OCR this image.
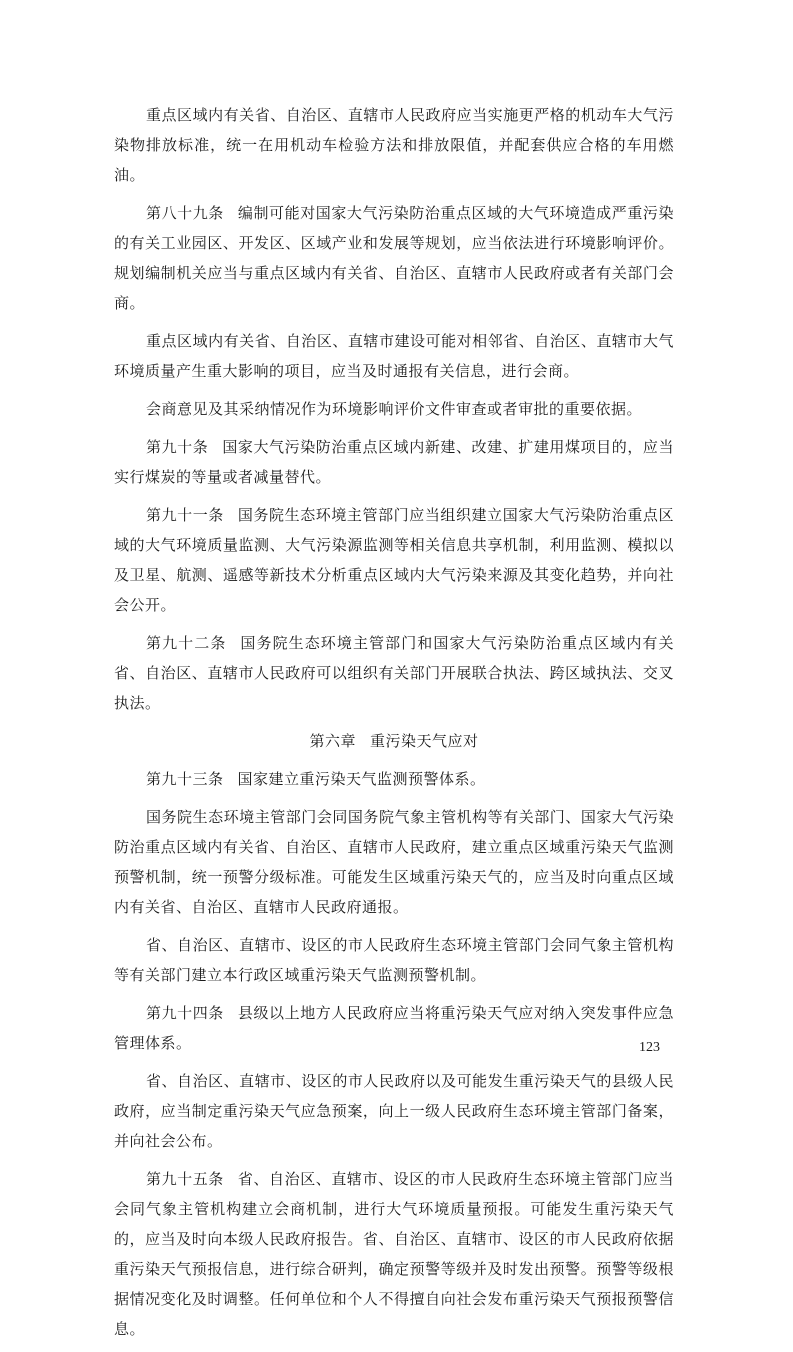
重点区域内有关省、自治区、直辖市人民政府应当实施更严格的机动车大气污染物排放标准，统一在用机动车检验方法和排放限值，并配套供应合格的车用燃油。

第八十九条 编制可能对国家大气污染防治重点区域的大气环境造成严重污染的有关工业园区、开发区、区域产业和发展等规划，应当依法进行环境影响评价。规划编制机关应当与重点区域内有关省、自治区、直辖市人民政府或者有关部门会商。

重点区域内有关省、自治区、直辖市建设可能对相邻省、自治区、直辖市大气环境质量产生重大影响的项目，应当及时通报有关信息，进行会商。

会商意见及其采纳情况作为环境影响评价文件审查或者审批的重要依据。

第九十条 国家大气污染防治重点区域内新建、改建、扩建用煤项目的，应当实行煤炭的等量或者减量替代。

第九十一条 国务院生态环境主管部门应当组织建立国家大气污染防治重点区域的大气环境质量监测、大气污染源监测等相关信息共享机制，利用监测、模拟以及卫星、航测、遥感等新技术分析重点区域内大气污染来源及其变化趋势，并向社会公开。

第九十二条 国务院生态环境主管部门和国家大气污染防治重点区域内有关省、自治区、直辖市人民政府可以组织有关部门开展联合执法、跨区域执法、交叉执法。

第六章 重污染天气应对

第九十三条 国家建立重污染天气监测预警体系。

国务院生态环境主管部门会同国务院气象主管机构等有关部门、国家大气污染防治重点区域内有关省、自治区、直辖市人民政府，建立重点区域重污染天气监测预警机制，统一预警分级标准。可能发生区域重污染天气的，应当及时向重点区域内有关省、自治区、直辖市人民政府通报。

省、自治区、直辖市、设区的市人民政府生态环境主管部门会同气象主管机构等有关部门建立本行政区域重污染天气监测预警机制。

第九十四条 县级以上地方人民政府应当将重污染天气应对纳入突发事件应急管理体系。

省、自治区、直辖市、设区的市人民政府以及可能发生重污染天气的县级人民政府，应当制定重污染天气应急预案，向上一级人民政府生态环境主管部门备案，并向社会公布。

第九十五条 省、自治区、直辖市、设区的市人民政府生态环境主管部门应当会同气象主管机构建立会商机制，进行大气环境质量预报。可能发生重污染天气的，应当及时向本级人民政府报告。省、自治区、直辖市、设区的市人民政府依据重污染天气预报信息，进行综合研判，确定预警等级并及时发出预警。预警等级根据情况变化及时调整。任何单位和个人不得擅自向社会发布重污染天气预报预警信息。

123
